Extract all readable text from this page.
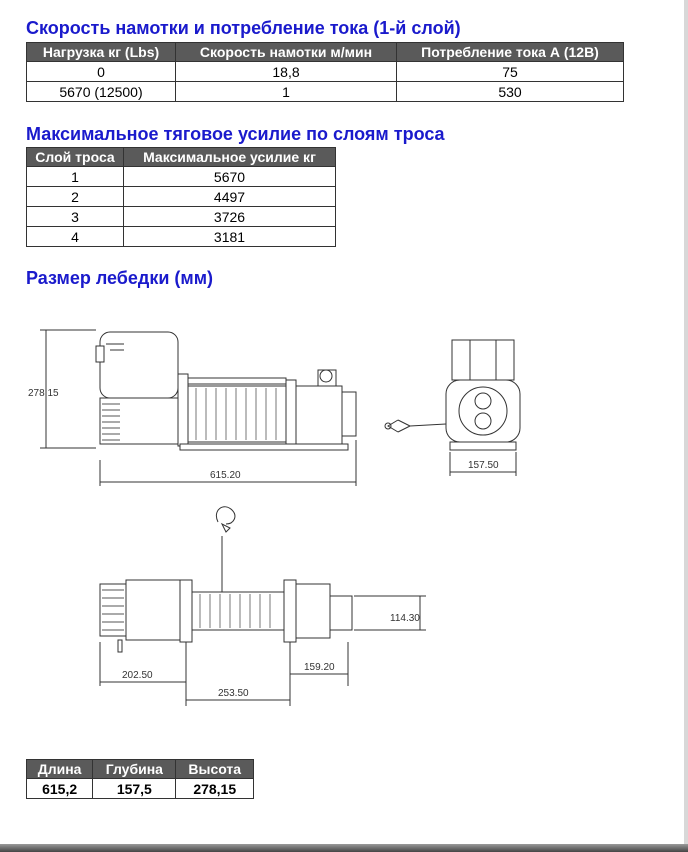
Скорость намотки и потребление тока (1-й слой)
Нагрузка кг (Lbs)	Скорость намотки м/мин	Потребление тока А (12В)
0	18,8	75
5670 (12500)	1	530
Максимальное тяговое усилие по слоям троса
Слой троса	Максимальное усилие кг
1	5670
2	4497
3	3726
4	3181
Размер лебедки (мм)
278.15
615.20
157.50
114.30
202.50
159.20
253.50
Длина	Глубина	Высота
615,2	157,5	278,15
